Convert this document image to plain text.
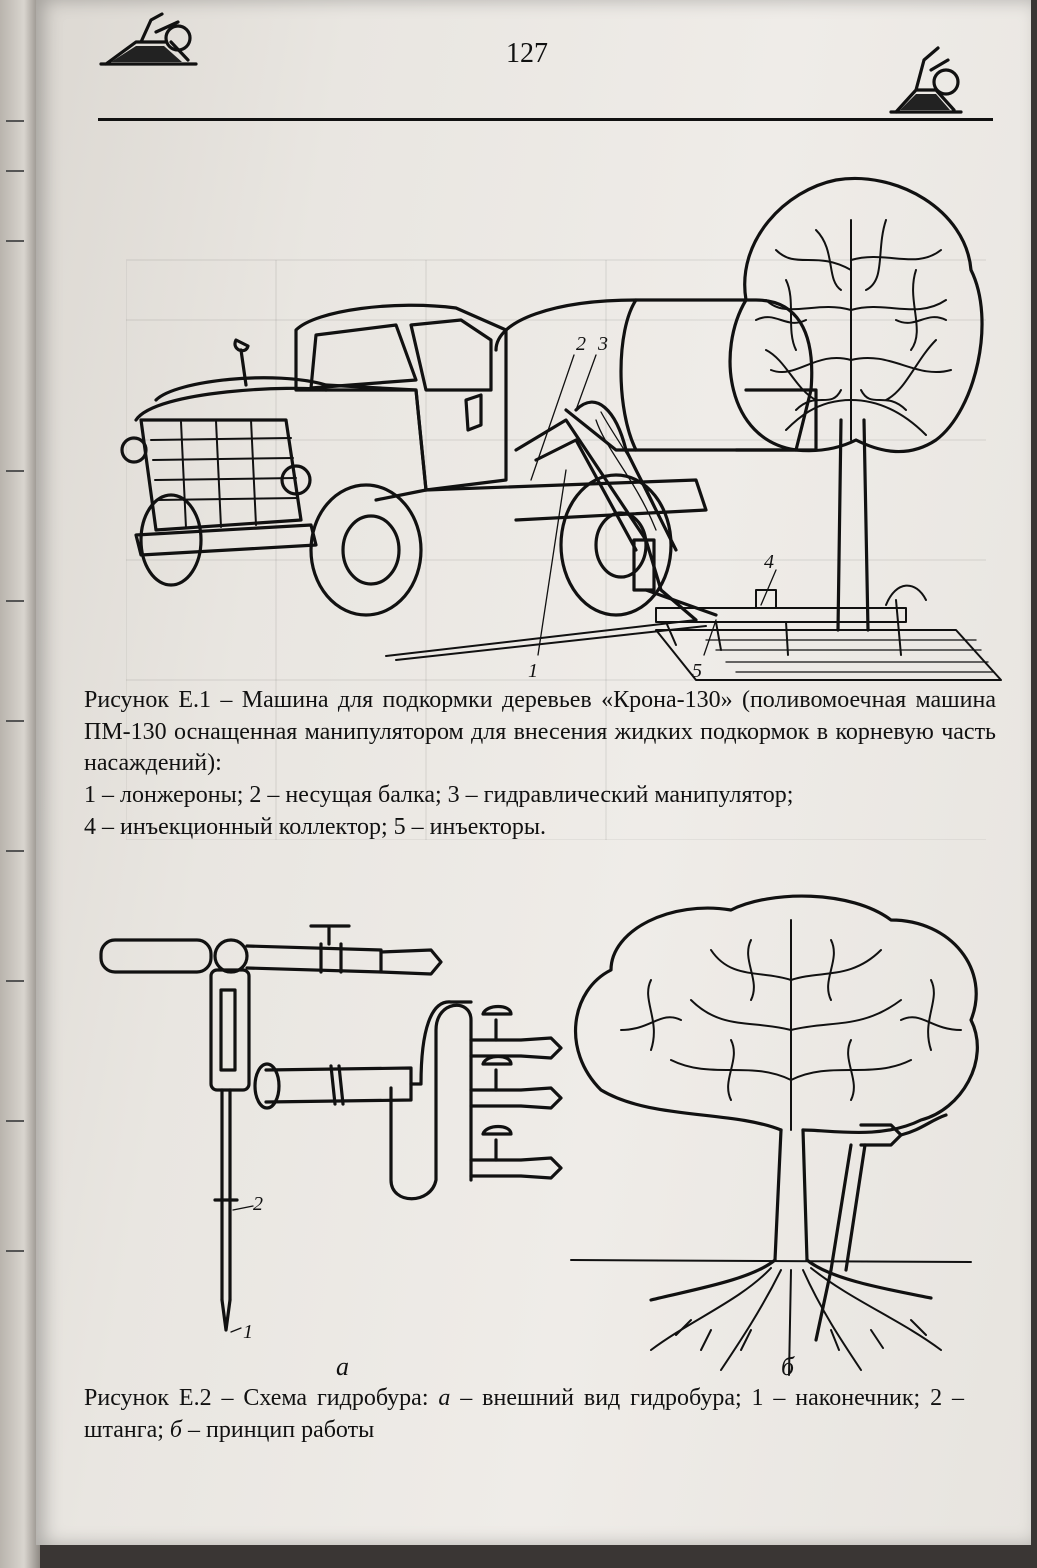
127
2 3
4
1	5
Рисунок Е.1 – Машина для подкормки деревьев «Крона-130» (поливомоечная машина ПМ-130 оснащенная манипулятором для внесения жидких подкормок в корневую часть насаждений):
1 – лонжероны; 2 – несущая балка; 3 – гидравлический манипулятор;
4 – инъекционный коллектор; 5 – инъекторы.
2
1
а	б
Рисунок Е.2 – Схема гидробура: а – внешний вид гидробура; 1 – наконечник; 2 – штанга; б – принцип работы
